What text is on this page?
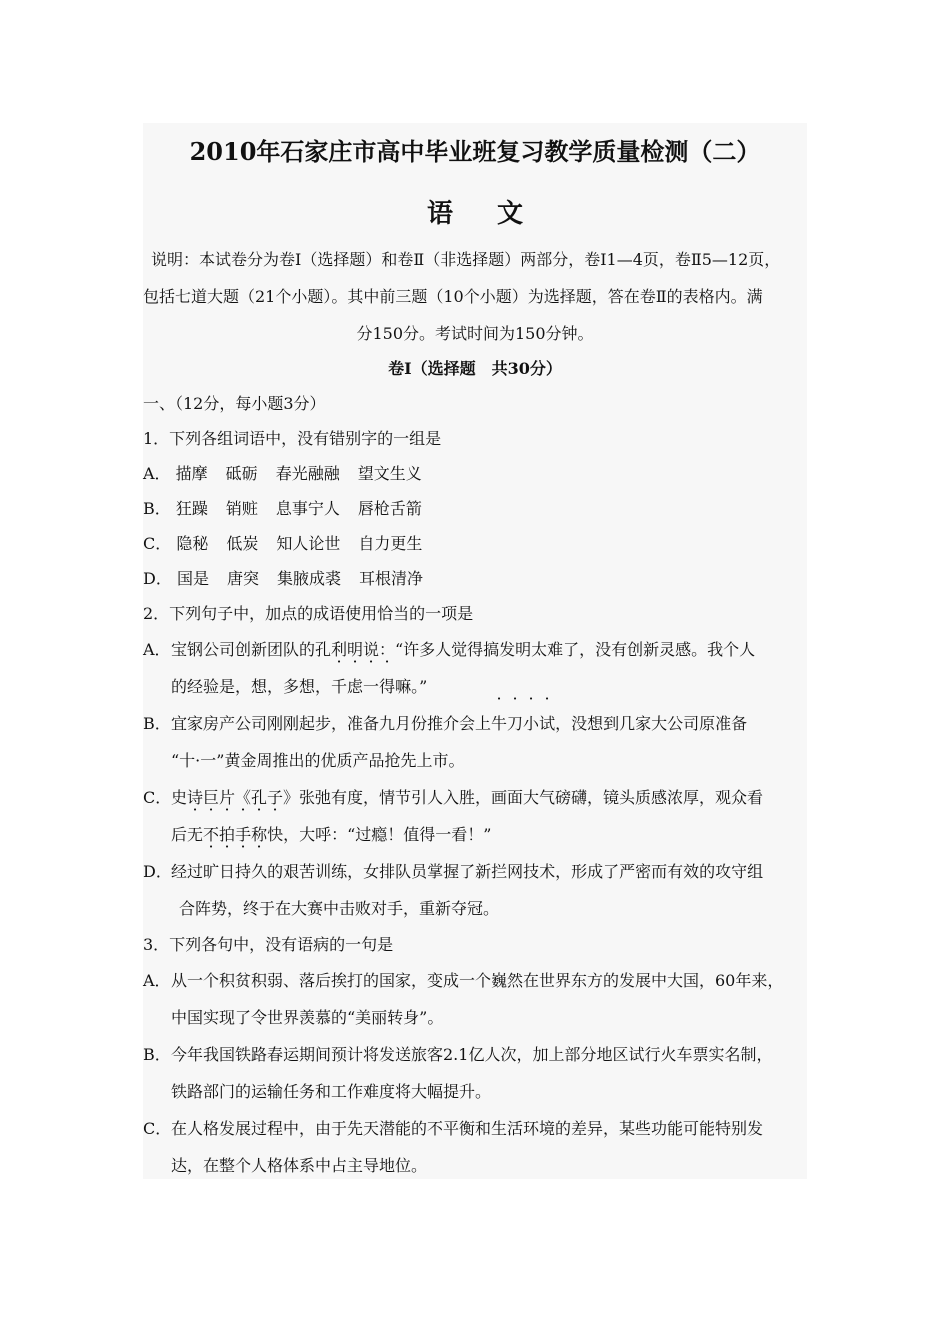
2010年石家庄市高中毕业班复习教学质量检测（二）
语文
说明：本试卷分为卷Ⅰ（选择题）和卷Ⅱ（非选择题）两部分，卷Ⅰ1—4页，卷Ⅱ5—12页，
包括七道大题（21个小题）。其中前三题（10个小题）为选择题，答在卷Ⅱ的表格内。满
分150分。考试时间为150分钟。
卷Ⅰ（选择题　共30分）
一、（12分，每小题3分）
1．下列各组词语中，没有错别字的一组是
A． 描摩 砥砺 春光融融 望文生义
B． 狂躁 销赃 息事宁人 唇枪舌箭
C． 隐秘 低炭 知人论世 自力更生
D． 国是 唐突 集腋成裘 耳根清净
2．下列句子中，加点的成语使用恰当的一项是
A．宝钢公司创新团队的孔利明说：“许多人觉得搞发明太难了，没有创新灵感。我个人
的经验是，想，多想，千虑一得嘛。”
B．宜家房产公司刚刚起步，准备九月份推介会上牛刀小试，没想到几家大公司原准备
“十·一”黄金周推出的优质产品抢先上市。
C．史诗巨片《孔子》张弛有度，情节引人入胜，画面大气磅礴，镜头质感浓厚，观众看
后无不拍手称快，大呼：“过瘾！值得一看！”
D．经过旷日持久的艰苦训练，女排队员掌握了新拦网技术，形成了严密而有效的攻守组
合阵势，终于在大赛中击败对手，重新夺冠。
3．下列各句中，没有语病的一句是
A．从一个积贫积弱、落后挨打的国家，变成一个巍然在世界东方的发展中大国，60年来，
中国实现了令世界羡慕的“美丽转身”。
B．今年我国铁路春运期间预计将发送旅客2.1亿人次，加上部分地区试行火车票实名制，
铁路部门的运输任务和工作难度将大幅提升。
C．在人格发展过程中，由于先天潜能的不平衡和生活环境的差异，某些功能可能特别发
达，在整个人格体系中占主导地位。
